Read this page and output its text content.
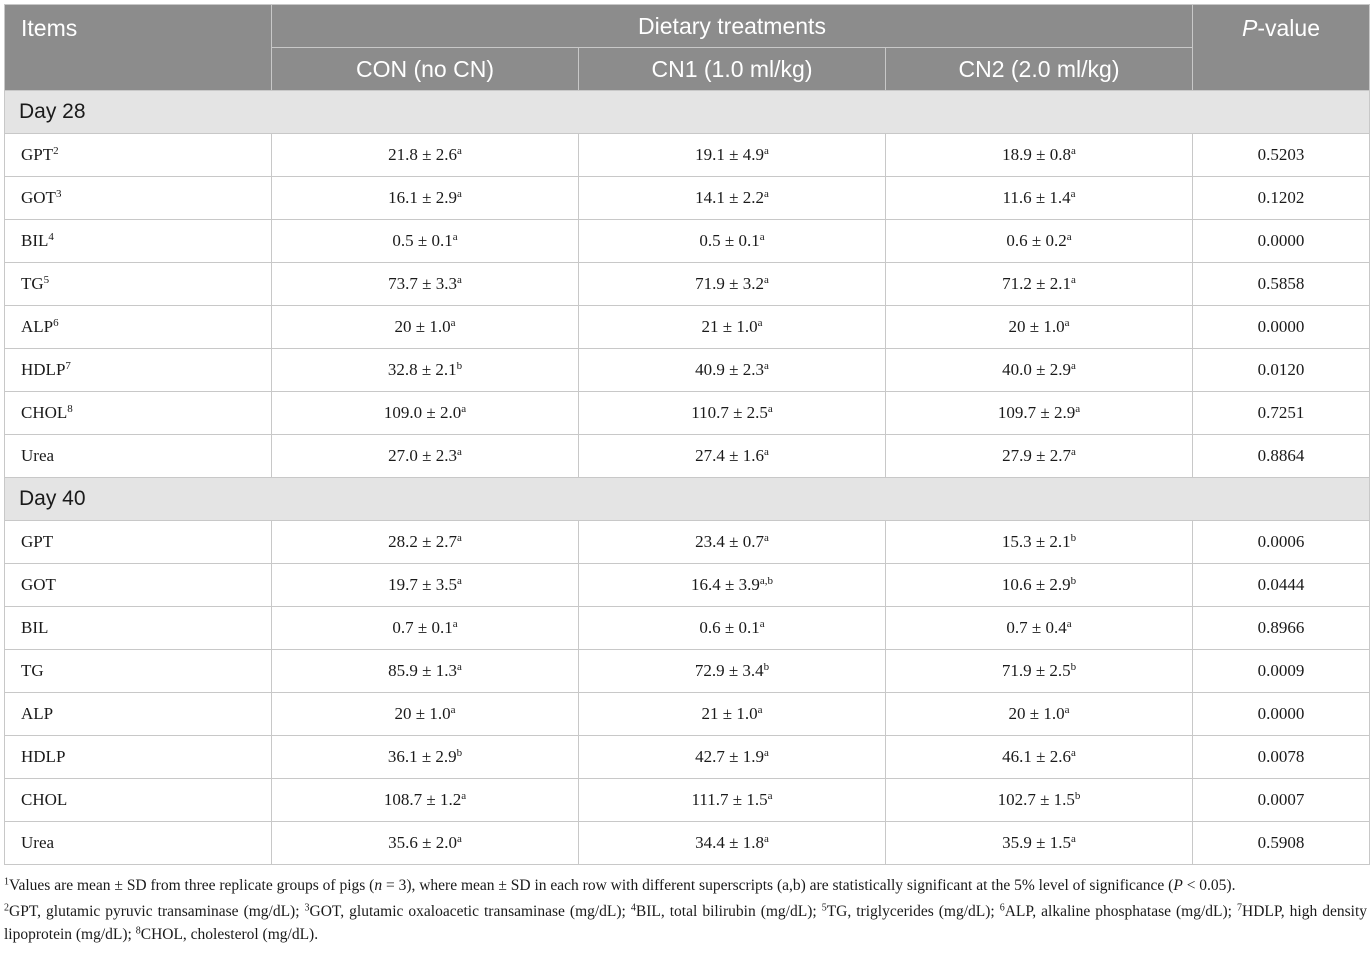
Items	Dietary treatments			P-value
	CON (no CN)	CN1 (1.0 ml/kg)	CN2 (2.0 ml/kg)	
Day 28				
GPT$^2$	21.8 ± 2.6$^a$	19.1 ± 4.9$^a$	18.9 ± 0.8$^a$	0.5203
GOT$^3$	16.1 ± 2.9$^a$	14.1 ± 2.2$^a$	11.6 ± 1.4$^a$	0.1202
BIL$^4$	0.5 ± 0.1$^a$	0.5 ± 0.1$^a$	0.6 ± 0.2$^a$	0.0000
$TG^5$	73.7 ± 3.3$^a$	71.9 ± 3.2$^a$	71.2 ± 2.1$^a$	0.5858
ALP$^6$	20 ± 1.0$^a$	21 ± 1.0$^a$	20 ± 1.0$^a$	0.0000
HDLP$^7$	32.8 ± 2.1$^b$	40.9 ± 2.3$^a$	40.0 ± 2.9$^a$	0.0120
CHOL$^8$	109.0 ± 2.0$^a$	110.7 ± 2.5$^a$	109.7 ± 2.9$^a$	0.7251
Urea	27.0 ± 2.3$^a$	27.4 ± 1.6$^a$	27.9 ± 2.7$^a$	0.8864
Day 40				
GPT	28.2 ± 2.7$^a$	23.4 ± 0.7$^a$	15.3 ± 2.1$^b$	0.0006
GOT	19.7 ± 3.5$^a$	$16.4 \pm 3.9^{a,b}$	10.6 ± 2.9$^b$	0.0444
BIL	0.7 ± 0.1$^a$	0.6 ± 0.1$^a$	0.7 ± 0.4$^a$	0.8966
TG	85.9 ± 1.3$^a$	72.9 ± 3.4$^b$	71.9 ± 2.5$^b$	0.0009
ALP	20 ± 1.0$^a$	21 ± 1.0$^a$	20 ± 1.0$^a$	0.0000
HDLP	36.1 ± 2.9$^b$	42.7 ± 1.9$^a$	46.1 ± 2.6$^a$	0.0078
CHOL	108.7 ± 1.2$^a$	111.7 ± 1.5$^a$	102.7 ± 1.5$^b$	0.0007
Urea	35.6 ± 2.0$^a$	34.4 ± 1.8$^a$	35.9 ± 1.5$^a$	0.5908

$^1$Values are mean ± SD from three replicate groups of pigs (n = 3), where mean ± SD in each row with different superscripts (a,b) are statistically significant at the 5% level of significance (P < 0.05).

$^2$GPT, glutamic pyruvic transaminase (mg/dL); $^3$GOT, glutamic oxaloacetic transaminase (mg/dL); $^4$BIL, total bilirubin (mg/dL); $^5$TG, triglycerides (mg/dL); $^6$ALP, alkaline phosphatase (mg/dL); $^7$HDLP, high density lipoprotein (mg/dL); $^8$CHOL, cholesterol (mg/dL).
